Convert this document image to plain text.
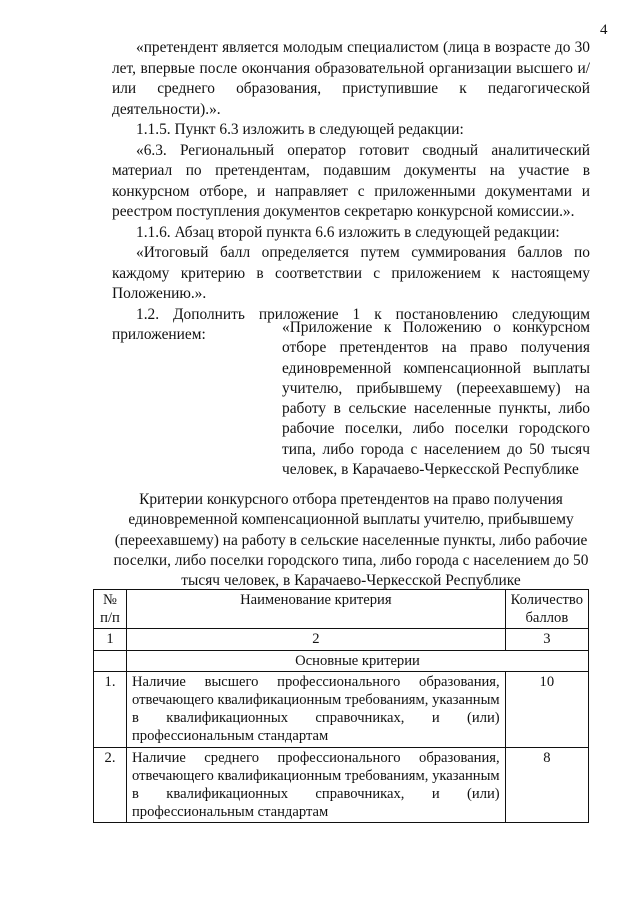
4

«претендент является молодым специалистом (лица в возрасте до 30 лет, впервые после окончания образовательной организации высшего и/или среднего образования, приступившие к педагогической деятельности).».

1.1.5. Пункт 6.3 изложить в следующей редакции:

«6.3. Региональный оператор готовит сводный аналитический материал по претендентам, подавшим документы на участие в конкурсном отборе, и направляет с приложенными документами и реестром поступления документов секретарю конкурсной комиссии.».

1.1.6. Абзац второй пункта 6.6 изложить в следующей редакции:

«Итоговый балл определяется путем суммирования баллов по каждому критерию в соответствии с приложением к настоящему Положению.».

1.2. Дополнить приложение 1 к постановлению следующим приложением:	«Приложение к Положению о конкурсном отборе претендентов на право получения единовременной компенсационной выплаты учителю, прибывшему (переехавшему) на работу в сельские населенные пункты, либо рабочие поселки, либо поселки городского типа, либо города с населением до 50 тысяч человек, в Карачаево-Черкесской Республике
Критерии конкурсного отбора претендентов на право получения единовременной компенсационной выплаты учителю, прибывшему (переехавшему) на работу в сельские населенные пункты, либо рабочие поселки, либо поселки городского типа, либо города с населением до 50 тысяч человек, в Карачаево-Черкесской Республике
№ п/п	Наименование критерия	Количество баллов
1	2	3
	Основные критерии	
1.	Наличие высшего профессионального образования, отвечающего квалификационным требованиям, указанным в квалификационных справочниках, и (или) профессиональным стандартам	10
2.	Наличие среднего профессионального образования, отвечающего квалификационным требованиям, указанным в квалификационных справочниках, и (или) профессиональным стандартам	8
